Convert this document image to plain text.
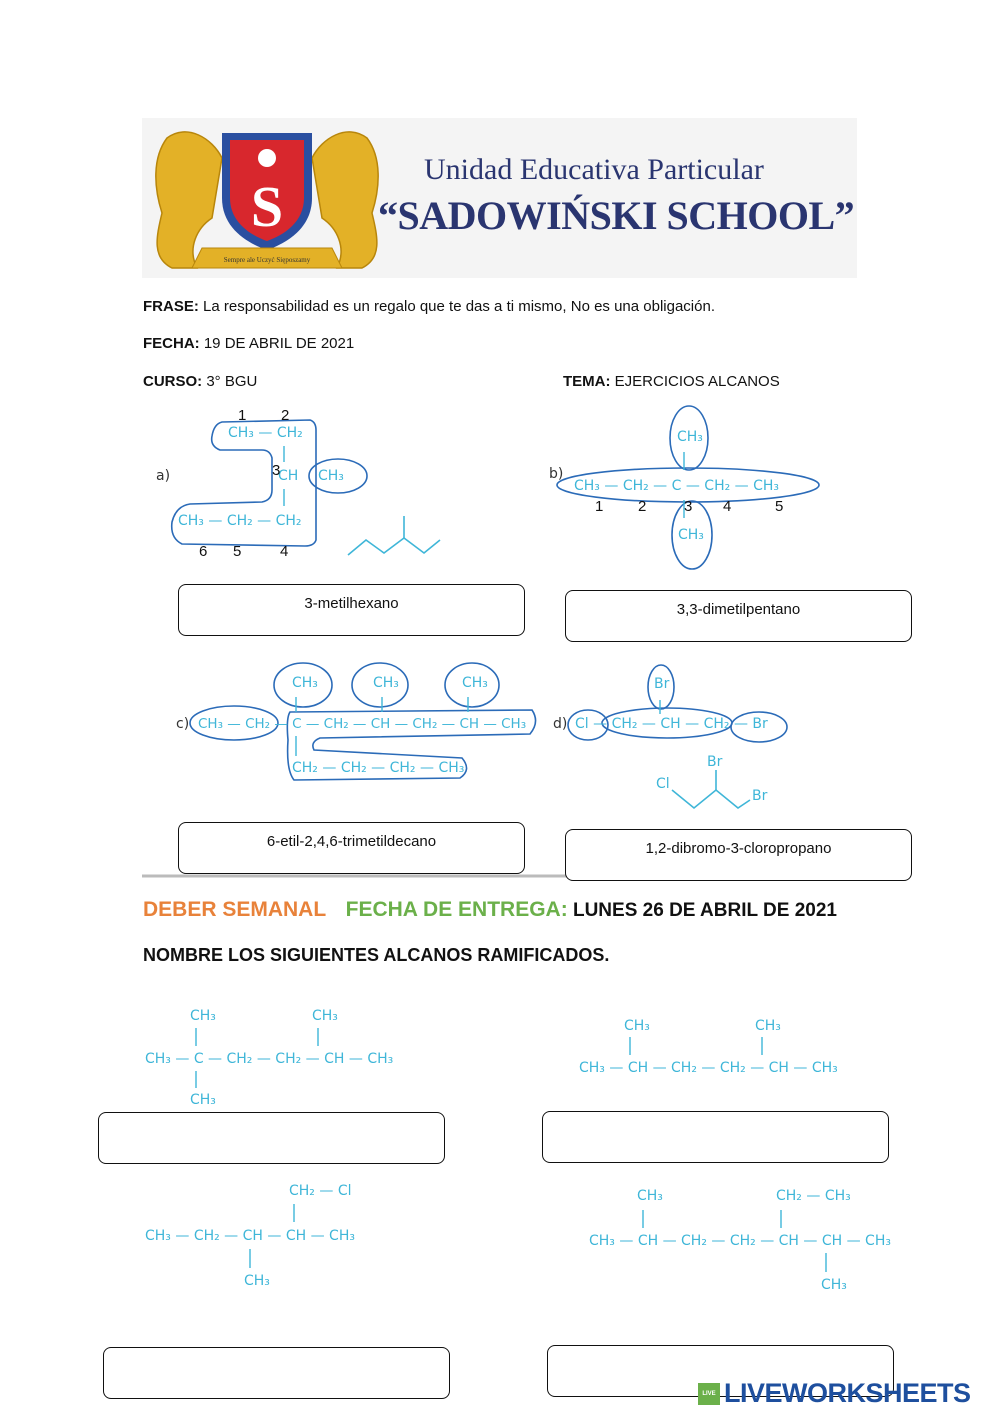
S
Sempre ale Uczyć Sięposzamy
Unidad Educativa Particular
“SADOWIŃSKI SCHOOL”
FRASE: La responsabilidad es un regalo que te das a ti mismo, No es una obligación.
FECHA: 19 DE ABRIL DE 2021
CURSO: 3° BGU	TEMA: EJERCICIOS ALCANOS
a)
CH₃ — CH₂
CH CH₃
CH₃ — CH₂ — CH₂
1 2
3
6 5	4
3-metilhexano
b)
CH₃
CH₃ — CH₂ — C — CH₂ — CH₃
CH₃
1 2	3 4	5
3,3-dimetilpentano
c)
CH₃	CH₃	CH₃
CH₃ — CH₂ — C — CH₂ — CH — CH₂ — CH — CH₃
CH₂ — CH₂ — CH₂ — CH₃
6-etil-2,4,6-trimetildecano
d)
Br
Cl — CH₂ — CH — CH₂ — Br
Cl
Br
Br
1,2-dibromo-3-cloropropano
DEBER SEMANAL FECHA DE ENTREGA: LUNES 26 DE ABRIL DE 2021
NOMBRE LOS SIGUIENTES ALCANOS RAMIFICADOS.
CH₃	CH₃
CH₃ — C — CH₂ — CH₂ — CH — CH₃
CH₃
CH₃	CH₃
CH₃ — CH — CH₂ — CH₂ — CH — CH₃
CH₂ — Cl
CH₃ — CH₂ — CH — CH — CH₃
CH₃
CH₃	CH₂ — CH₃
CH₃ — CH — CH₂ — CH₂ — CH — CH — CH₃
CH₃
LIVE LIVEWORKSHEETS
